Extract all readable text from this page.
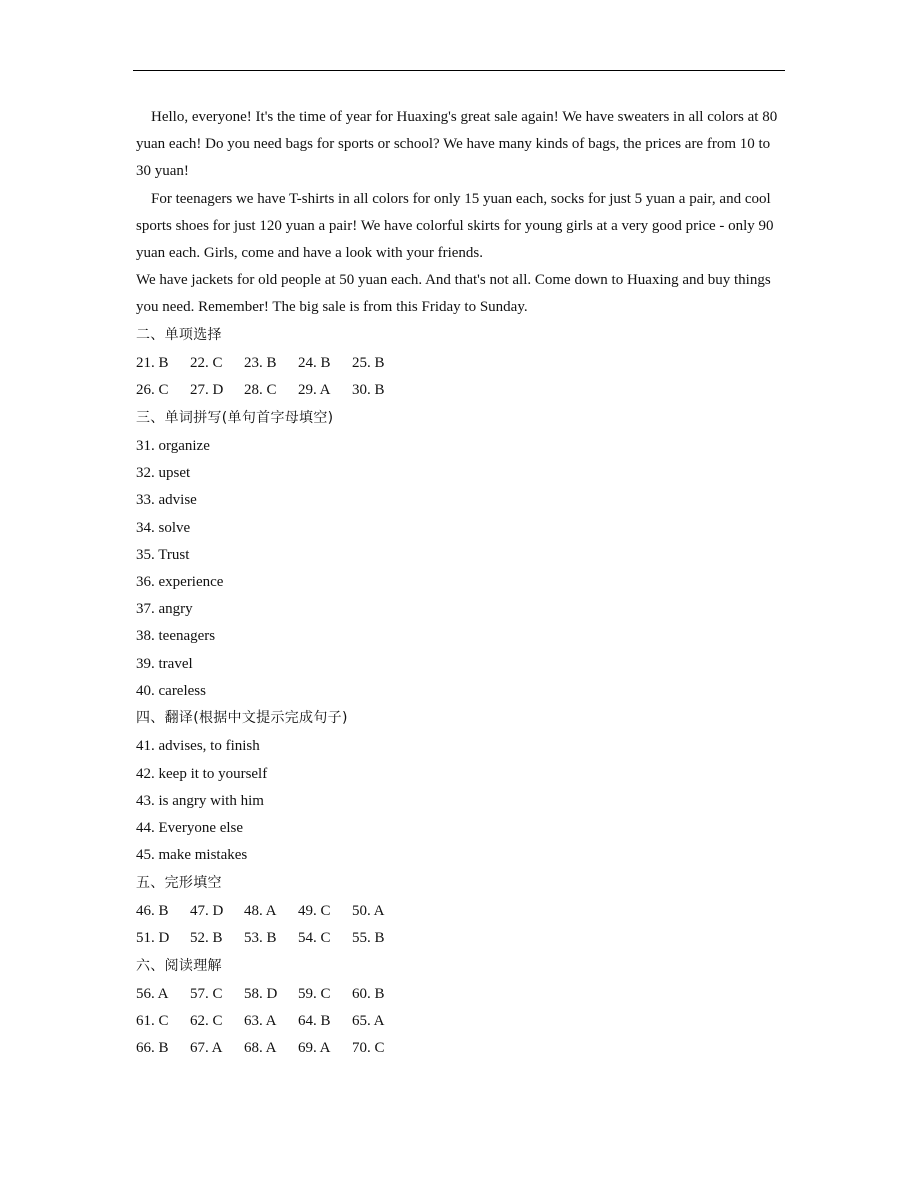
Hello, everyone! It's the time of year for Huaxing's great sale again! We have sweaters in all colors at 80 yuan each! Do you need bags for sports or school? We have many kinds of bags, the prices are from 10 to 30 yuan!

For teenagers we have T-shirts in all colors for only 15 yuan each, socks for just 5 yuan a pair, and cool sports shoes for just 120 yuan a pair! We have colorful skirts for young girls at a very good price - only 90 yuan each. Girls, come and have a look with your friends.

We have jackets for old people at 50 yuan each. And that's not all. Come down to Huaxing and buy things you need. Remember! The big sale is from this Friday to Sunday.

二、单项选择

21. B	22. C	23. B	24. B	25. B
26. C	27. D	28. C	29. A	30. B

三、单词拼写(单句首字母填空)

31. organize
32. upset
33. advise
34. solve
35. Trust
36. experience
37. angry
38. teenagers
39. travel
40. careless

四、翻译(根据中文提示完成句子)

41. advises, to finish
42. keep it to yourself
43. is angry with him
44. Everyone else
45. make mistakes

五、完形填空

46. B	47. D	48. A	49. C	50. A
51. D	52. B	53. B	54. C	55. B

六、阅读理解

56. A	57. C	58. D	59. C	60. B
61. C	62. C	63. A	64. B	65. A
66. B	67. A	68. A	69. A	70. C
